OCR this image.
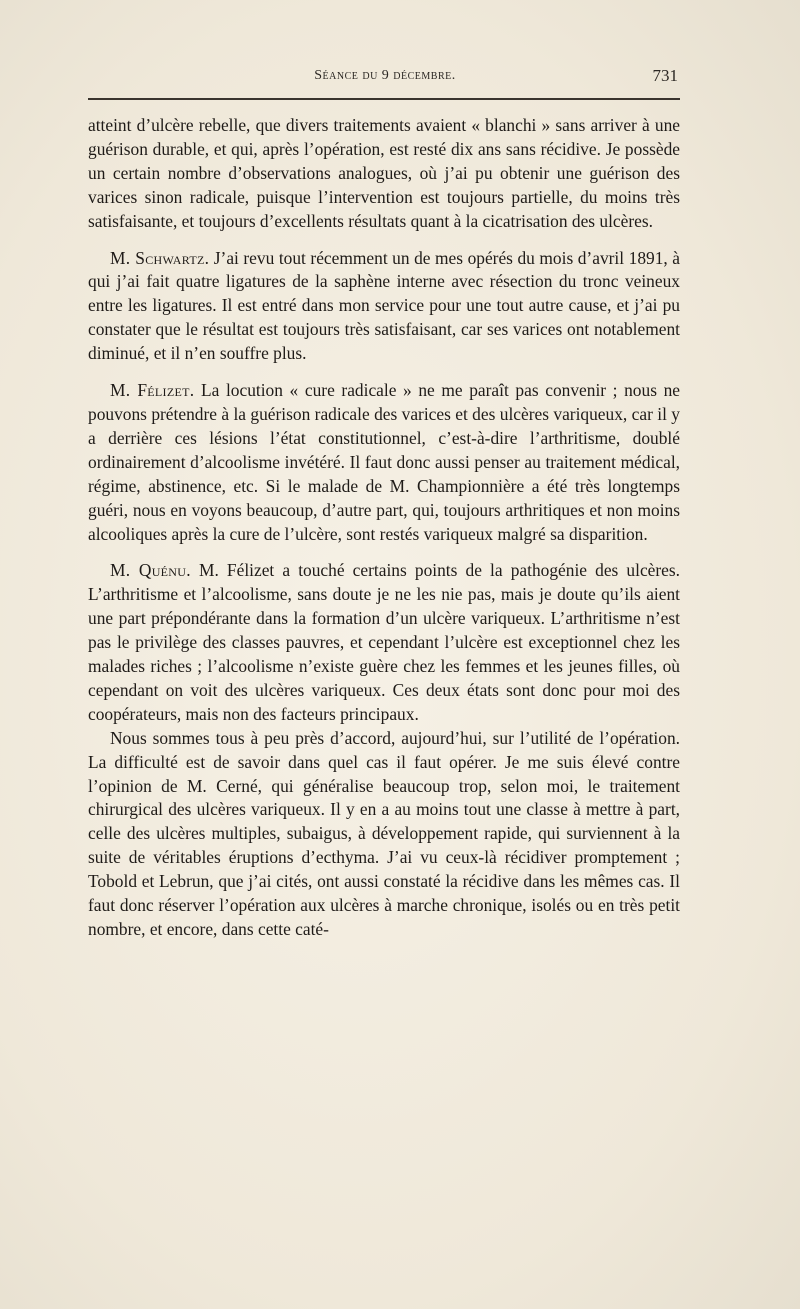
Séance du 9 décembre.	731

atteint d’ulcère rebelle, que divers traitements avaient « blanchi » sans arriver à une guérison durable, et qui, après l’opération, est resté dix ans sans récidive. Je possède un certain nombre d’observations analogues, où j’ai pu obtenir une guérison des varices sinon radicale, puisque l’intervention est toujours partielle, du moins très satisfaisante, et toujours d’excellents résultats quant à la cicatrisation des ulcères.

M. Schwartz. J’ai revu tout récemment un de mes opérés du mois d’avril 1891, à qui j’ai fait quatre ligatures de la saphène interne avec résection du tronc veineux entre les ligatures. Il est entré dans mon service pour une tout autre cause, et j’ai pu constater que le résultat est toujours très satisfaisant, car ses varices ont notablement diminué, et il n’en souffre plus.

M. Félizet. La locution « cure radicale » ne me paraît pas convenir ; nous ne pouvons prétendre à la guérison radicale des varices et des ulcères variqueux, car il y a derrière ces lésions l’état constitutionnel, c’est-à-dire l’arthritisme, doublé ordinairement d’alcoolisme invétéré. Il faut donc aussi penser au traitement médical, régime, abstinence, etc. Si le malade de M. Championnière a été très longtemps guéri, nous en voyons beaucoup, d’autre part, qui, toujours arthritiques et non moins alcooliques après la cure de l’ulcère, sont restés variqueux malgré sa disparition.

M. Quénu. M. Félizet a touché certains points de la pathogénie des ulcères. L’arthritisme et l’alcoolisme, sans doute je ne les nie pas, mais je doute qu’ils aient une part prépondérante dans la formation d’un ulcère variqueux. L’arthritisme n’est pas le privilège des classes pauvres, et cependant l’ulcère est exceptionnel chez les malades riches ; l’alcoolisme n’existe guère chez les femmes et les jeunes filles, où cependant on voit des ulcères variqueux. Ces deux états sont donc pour moi des coopérateurs, mais non des facteurs principaux.

Nous sommes tous à peu près d’accord, aujourd’hui, sur l’utilité de l’opération. La difficulté est de savoir dans quel cas il faut opérer. Je me suis élevé contre l’opinion de M. Cerné, qui généralise beaucoup trop, selon moi, le traitement chirurgical des ulcères variqueux. Il y en a au moins tout une classe à mettre à part, celle des ulcères multiples, subaigus, à développement rapide, qui surviennent à la suite de véritables éruptions d’ecthyma. J’ai vu ceux-là récidiver promptement ; Tobold et Lebrun, que j’ai cités, ont aussi constaté la récidive dans les mêmes cas. Il faut donc réserver l’opération aux ulcères à marche chronique, isolés ou en très petit nombre, et encore, dans cette caté-
